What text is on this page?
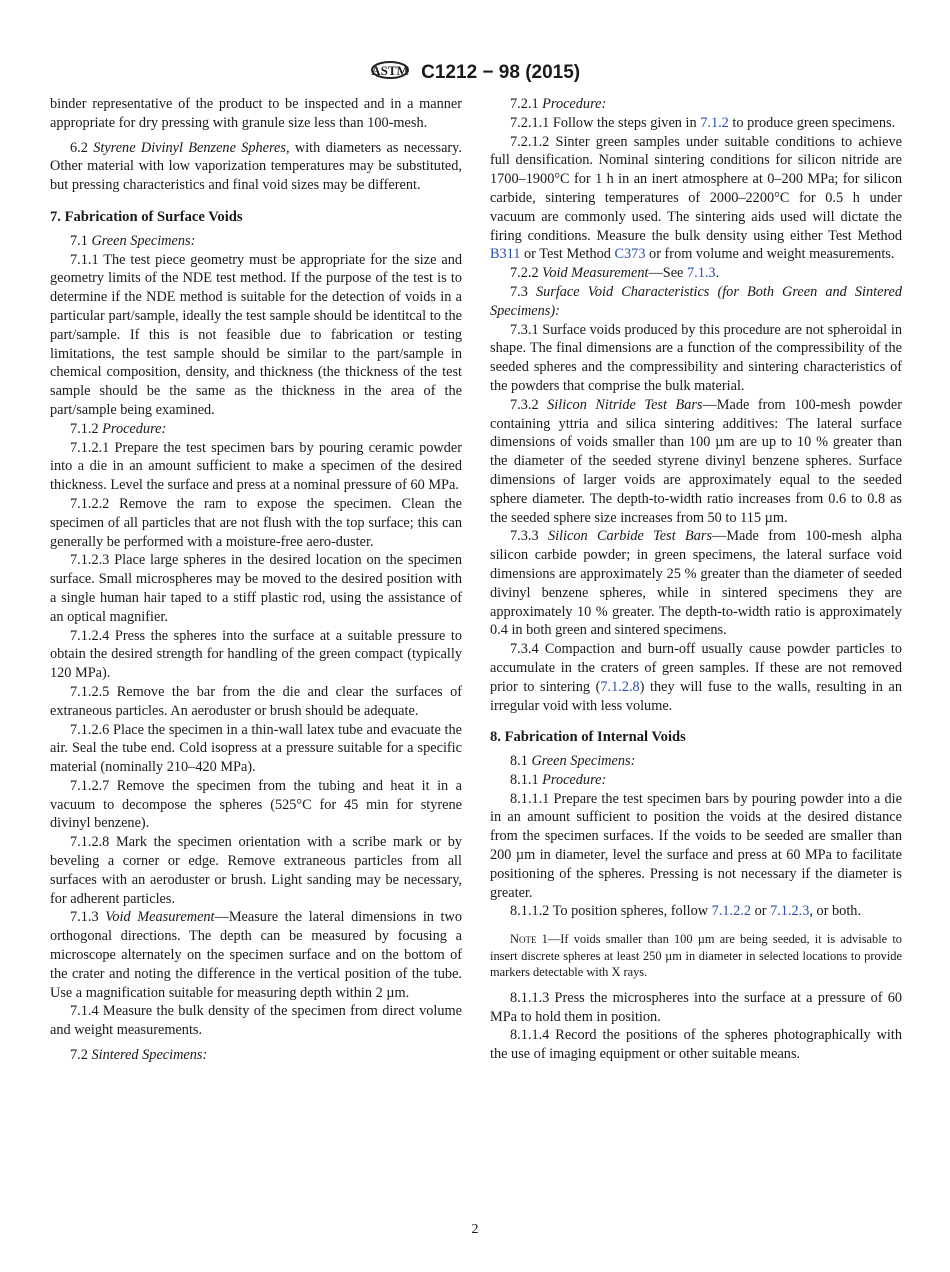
ASTM C1212 − 98 (2015)

binder representative of the product to be inspected and in a manner appropriate for dry pressing with granule size less than 100-mesh.

6.2 Styrene Divinyl Benzene Spheres, with diameters as necessary. Other material with low vaporization temperatures may be substituted, but pressing characteristics and final void sizes may be different.

7. Fabrication of Surface Voids

7.1 Green Specimens:

7.1.1 The test piece geometry must be appropriate for the size and geometry limits of the NDE test method. If the purpose of the test is to determine if the NDE method is suitable for the detection of voids in a particular part/sample, ideally the test sample should be identitcal to the part/sample. If this is not feasible due to fabrication or testing limitations, the test sample should be similar to the part/sample in chemical composition, density, and thickness (the thickness of the test sample should be the same as the thickness in the area of the part/sample being examined.

7.1.2 Procedure:

7.1.2.1 Prepare the test specimen bars by pouring ceramic powder into a die in an amount sufficient to make a specimen of the desired thickness. Level the surface and press at a nominal pressure of 60 MPa.

7.1.2.2 Remove the ram to expose the specimen. Clean the specimen of all particles that are not flush with the top surface; this can generally be performed with a moisture-free aero-duster.

7.1.2.3 Place large spheres in the desired location on the specimen surface. Small microspheres may be moved to the desired position with a single human hair taped to a stiff plastic rod, using the assistance of an optical magnifier.

7.1.2.4 Press the spheres into the surface at a suitable pressure to obtain the desired strength for handling of the green compact (typically 120 MPa).

7.1.2.5 Remove the bar from the die and clear the surfaces of extraneous particles. An aeroduster or brush should be adequate.

7.1.2.6 Place the specimen in a thin-wall latex tube and evacuate the air. Seal the tube end. Cold isopress at a pressure suitable for a specific material (nominally 210–420 MPa).

7.1.2.7 Remove the specimen from the tubing and heat it in a vacuum to decompose the spheres (525°C for 45 min for styrene divinyl benzene).

7.1.2.8 Mark the specimen orientation with a scribe mark or by beveling a corner or edge. Remove extraneous particles from all surfaces with an aeroduster or brush. Light sanding may be necessary, for adherent particles.

7.1.3 Void Measurement—Measure the lateral dimensions in two orthogonal directions. The depth can be measured by focusing a microscope alternately on the specimen surface and on the bottom of the crater and noting the difference in the vertical position of the tube. Use a magnification suitable for measuring depth within 2 µm.

7.1.4 Measure the bulk density of the specimen from direct volume and weight measurements.

7.2 Sintered Specimens:

7.2.1 Procedure:

7.2.1.1 Follow the steps given in 7.1.2 to produce green specimens.

7.2.1.2 Sinter green samples under suitable conditions to achieve full densification. Nominal sintering conditions for silicon nitride are 1700–1900°C for 1 h in an inert atmosphere at 0–200 MPa; for silicon carbide, sintering temperatures of 2000–2200°C for 0.5 h under vacuum are commonly used. The sintering aids used will dictate the firing conditions. Measure the bulk density using either Test Method B311 or Test Method C373 or from volume and weight measurements.

7.2.2 Void Measurement—See 7.1.3.

7.3 Surface Void Characteristics (for Both Green and Sintered Specimens):

7.3.1 Surface voids produced by this procedure are not spheroidal in shape. The final dimensions are a function of the compressibility of the seeded spheres and the compressibility and sintering characteristics of the powders that comprise the bulk material.

7.3.2 Silicon Nitride Test Bars—Made from 100-mesh powder containing yttria and silica sintering additives: The lateral surface dimensions of voids smaller than 100 µm are up to 10 % greater than the diameter of the seeded styrene divinyl benzene spheres. Surface dimensions of larger voids are approximately equal to the seeded sphere diameter. The depth-to-width ratio increases from 0.6 to 0.8 as the seeded sphere size increases from 50 to 115 µm.

7.3.3 Silicon Carbide Test Bars—Made from 100-mesh alpha silicon carbide powder; in green specimens, the lateral surface void dimensions are approximately 25 % greater than the diameter of seeded divinyl benzene spheres, while in sintered specimens they are approximately 10 % greater. The depth-to-width ratio is approximately 0.4 in both green and sintered specimens.

7.3.4 Compaction and burn-off usually cause powder particles to accumulate in the craters of green samples. If these are not removed prior to sintering (7.1.2.8) they will fuse to the walls, resulting in an irregular void with less volume.

8. Fabrication of Internal Voids

8.1 Green Specimens:

8.1.1 Procedure:

8.1.1.1 Prepare the test specimen bars by pouring powder into a die in an amount sufficient to position the voids at the desired distance from the specimen surfaces. If the voids to be seeded are smaller than 200 µm in diameter, level the surface and press at 60 MPa to facilitate positioning of the spheres. Pressing is not necessary if the diameter is greater.

8.1.1.2 To position spheres, follow 7.1.2.2 or 7.1.2.3, or both.

Note 1—If voids smaller than 100 µm are being seeded, it is advisable to insert discrete spheres at least 250 µm in diameter in selected locations to provide markers detectable with X rays.

8.1.1.3 Press the microspheres into the surface at a pressure of 60 MPa to hold them in position.

8.1.1.4 Record the positions of the spheres photographically with the use of imaging equipment or other suitable means.

2
